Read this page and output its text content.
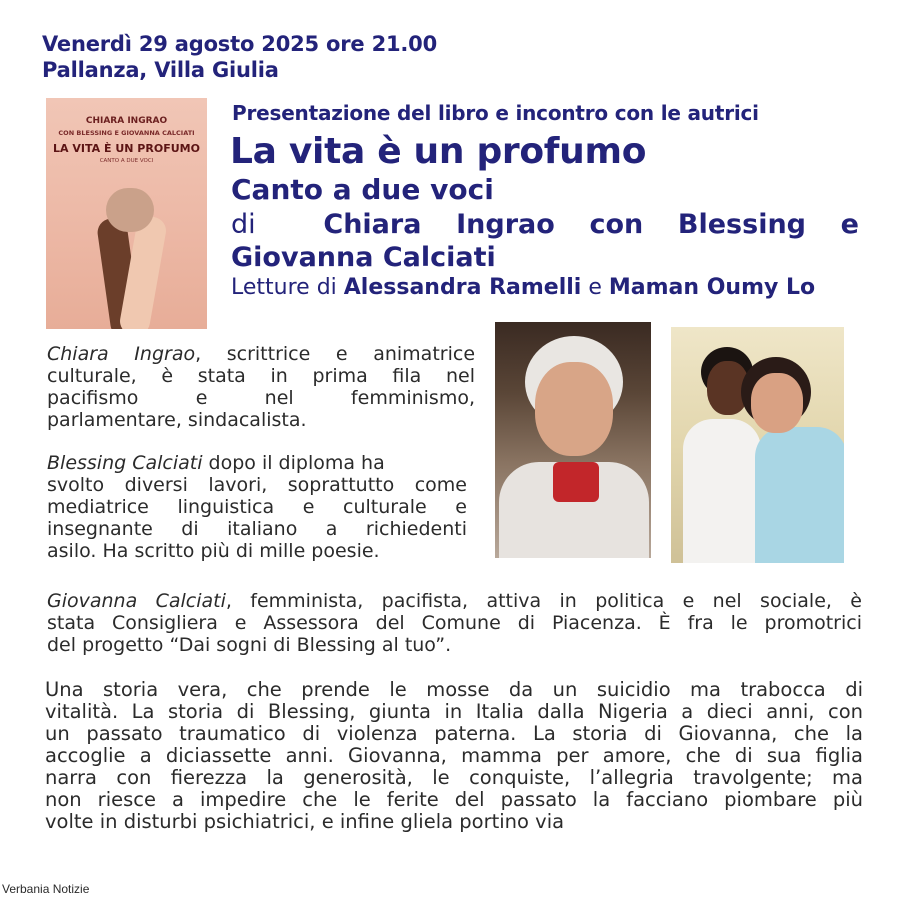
Venerdì 29 agosto 2025 ore 21.00
Pallanza, Villa Giulia
CHIARA INGRAO
CON BLESSING E GIOVANNA CALCIATI
LA VITA È UN PROFUMO
CANTO A DUE VOCI
Presentazione del libro e incontro con le autrici
La vita è un profumo
Canto a due voci
di	Chiara Ingrao con Blessing e
Giovanna Calciati
Letture di Alessandra Ramelli e Maman Oumy Lo
Chiara Ingrao, scrittrice e animatrice
culturale, è stata in prima fila nel
pacifismo e nel femminismo,
parlamentare, sindacalista.
Blessing Calciati dopo il diploma ha
svolto diversi lavori, soprattutto come
mediatrice linguistica e culturale e
insegnante di italiano a richiedenti
asilo. Ha scritto più di mille poesie.
Giovanna Calciati, femminista, pacifista, attiva in politica e nel sociale, è
stata Consigliera e Assessora del Comune di Piacenza. È fra le promotrici
del progetto “Dai sogni di Blessing al tuo”.
Una storia vera, che prende le mosse da un suicidio ma trabocca di
vitalità. La storia di Blessing, giunta in Italia dalla Nigeria a dieci anni, con
un passato traumatico di violenza paterna. La storia di Giovanna, che la
accoglie a diciassette anni. Giovanna, mamma per amore, che di sua figlia
narra con fierezza la generosità, le conquiste, l’allegria travolgente; ma
non riesce a impedire che le ferite del passato la facciano piombare più
volte in disturbi psichiatrici, e infine gliela portino via
Verbania Notizie
